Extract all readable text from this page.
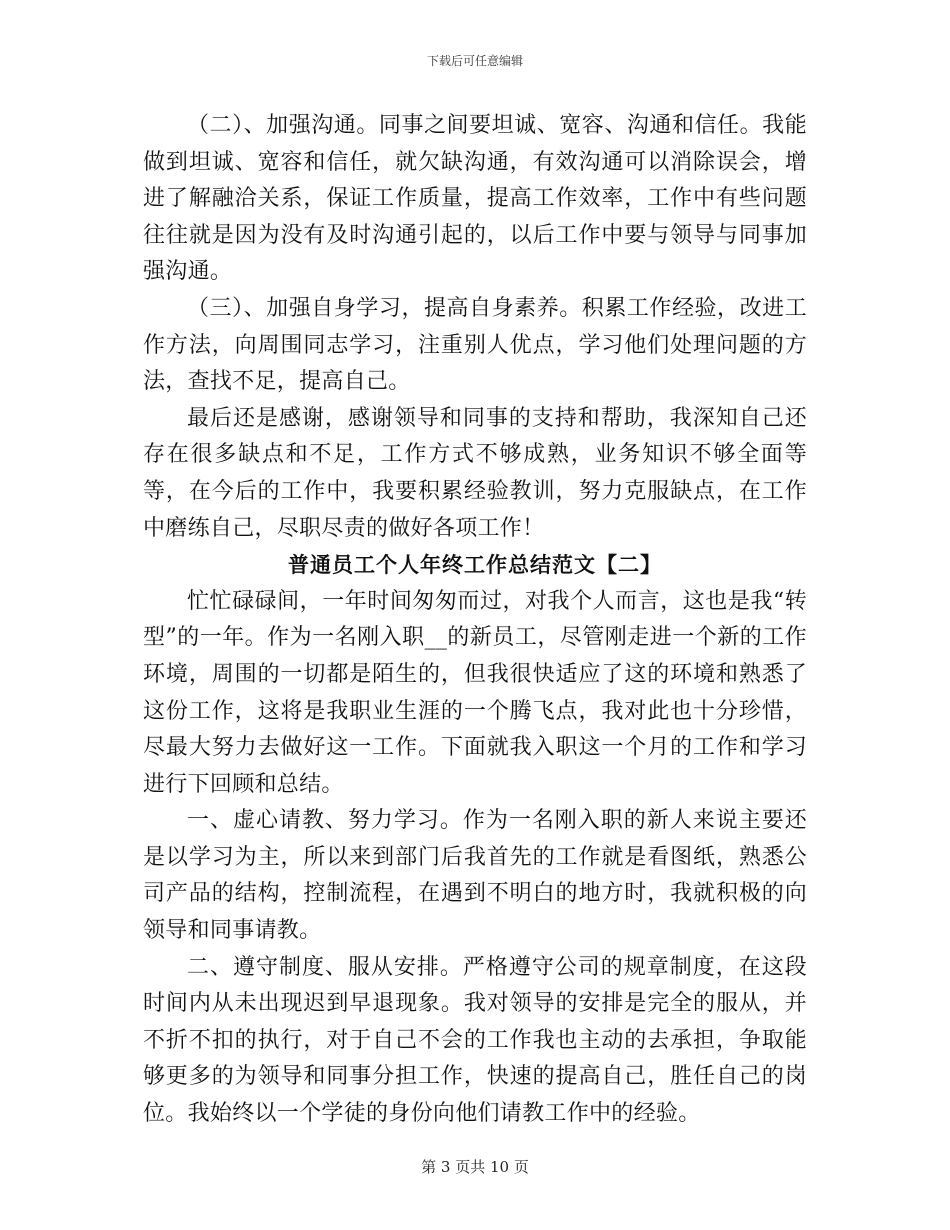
下载后可任意编辑

（二）、加强沟通。同事之间要坦诚、宽容、沟通和信任。我能做到坦诚、宽容和信任，就欠缺沟通，有效沟通可以消除误会，增进了解融洽关系，保证工作质量，提高工作效率，工作中有些问题往往就是因为没有及时沟通引起的，以后工作中要与领导与同事加强沟通。

（三）、加强自身学习，提高自身素养。积累工作经验，改进工作方法，向周围同志学习，注重别人优点，学习他们处理问题的方法，查找不足，提高自己。

最后还是感谢，感谢领导和同事的支持和帮助，我深知自己还存在很多缺点和不足，工作方式不够成熟，业务知识不够全面等等，在今后的工作中，我要积累经验教训，努力克服缺点，在工作中磨练自己，尽职尽责的做好各项工作！

普通员工个人年终工作总结范文【二】

忙忙碌碌间，一年时间匆匆而过，对我个人而言，这也是我“转型”的一年。作为一名刚入职__的新员工，尽管刚走进一个新的工作环境，周围的一切都是陌生的，但我很快适应了这的环境和熟悉了这份工作，这将是我职业生涯的一个腾飞点，我对此也十分珍惜，尽最大努力去做好这一工作。下面就我入职这一个月的工作和学习进行下回顾和总结。

一、虚心请教、努力学习。作为一名刚入职的新人来说主要还是以学习为主，所以来到部门后我首先的工作就是看图纸，熟悉公司产品的结构，控制流程，在遇到不明白的地方时，我就积极的向领导和同事请教。

二、遵守制度、服从安排。严格遵守公司的规章制度，在这段时间内从未出现迟到早退现象。我对领导的安排是完全的服从，并不折不扣的执行，对于自己不会的工作我也主动的去承担，争取能够更多的为领导和同事分担工作，快速的提高自己，胜任自己的岗位。我始终以一个学徒的身份向他们请教工作中的经验。

第 3 页共 10 页
